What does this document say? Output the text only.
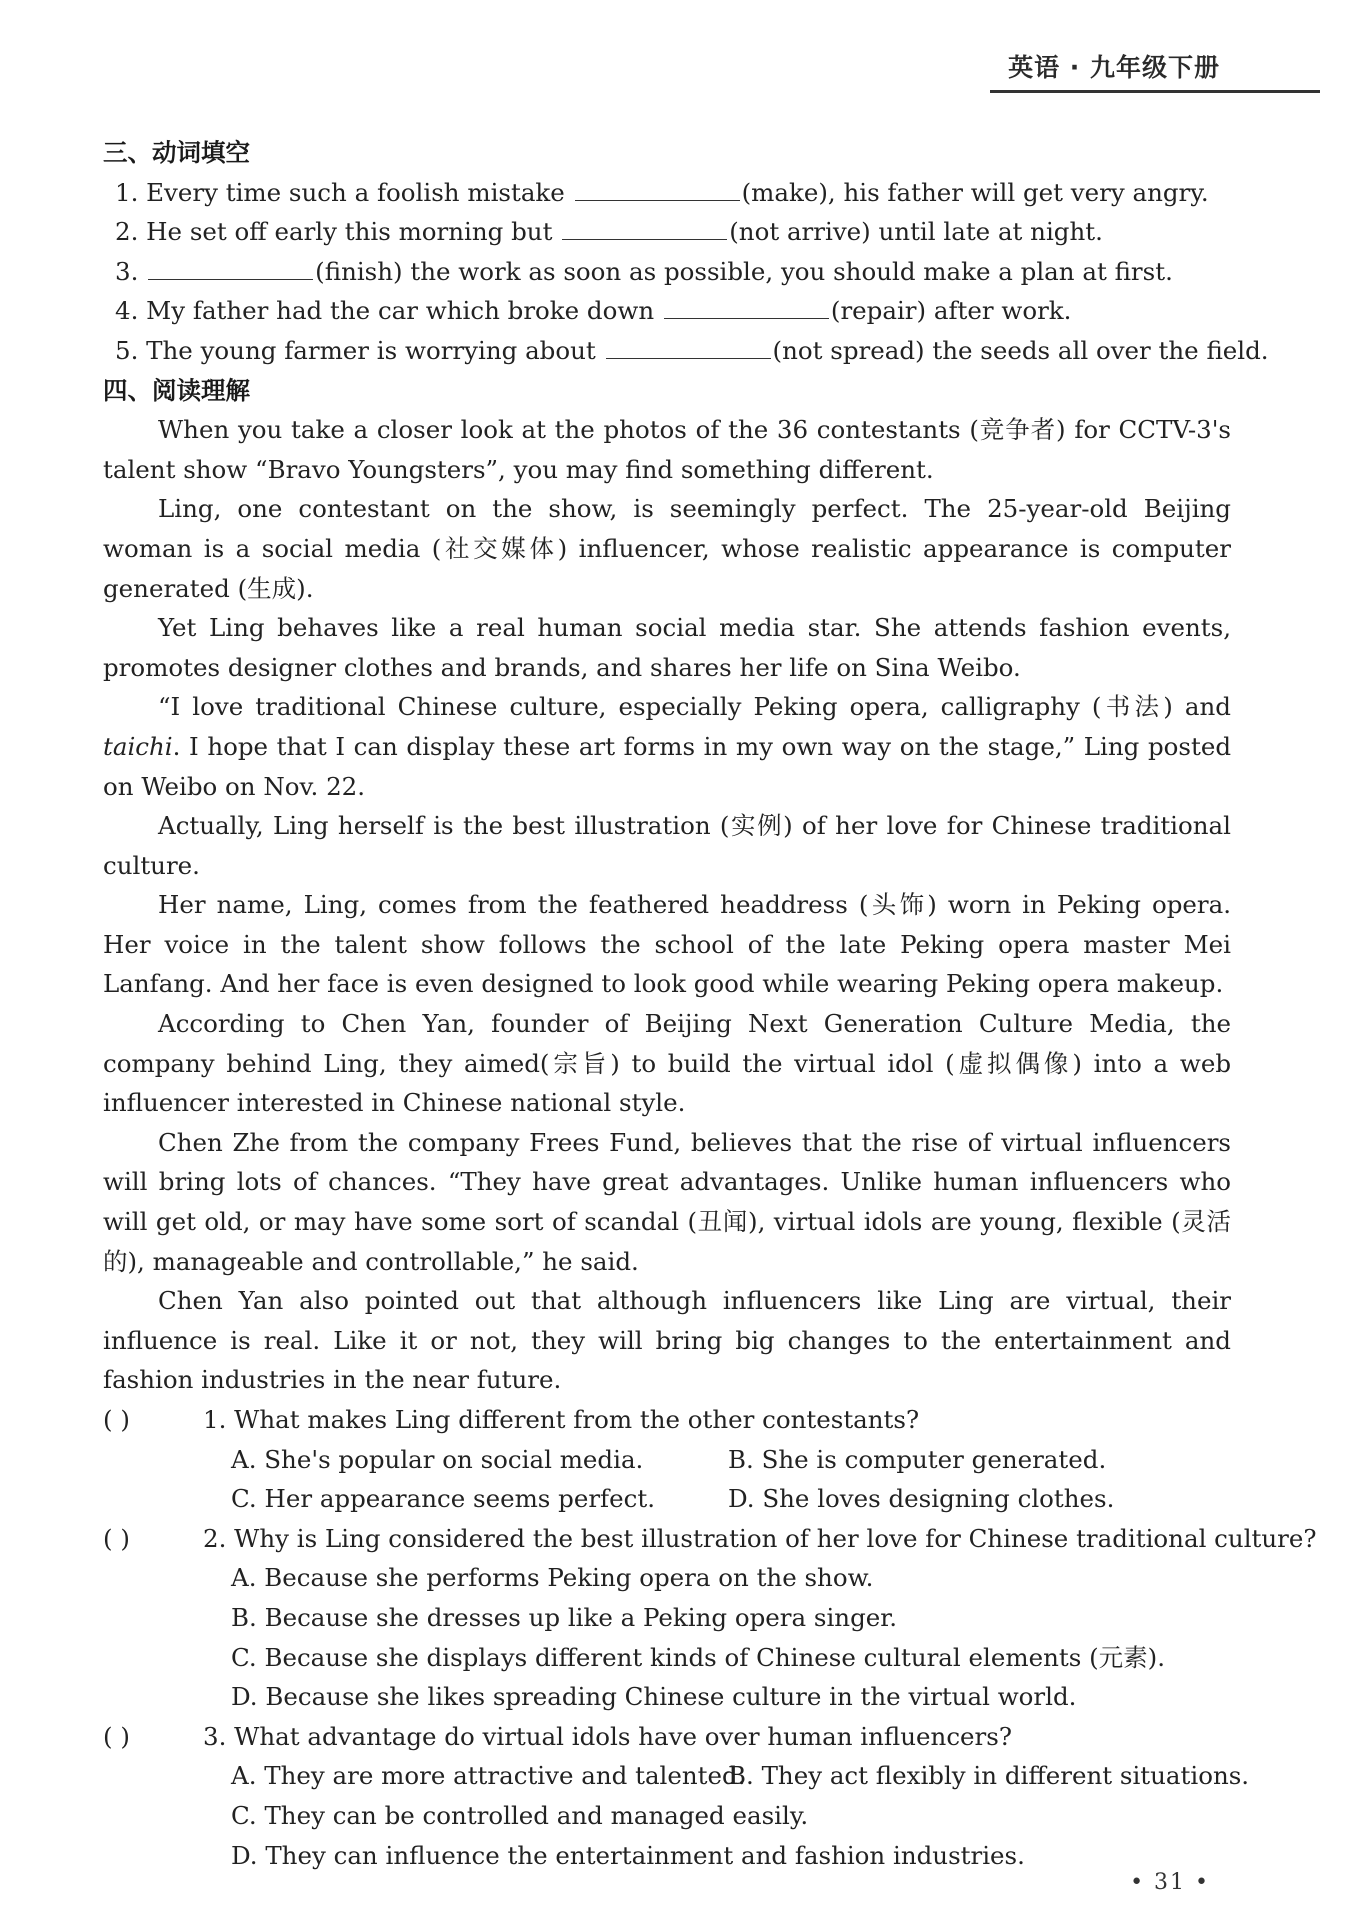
英语 · 九年级下册
三、动词填空
1. Every time such a foolish mistake	(make), his father will get very angry.
2. He set off early this morning but	(not arrive) until late at night.
3.	(finish) the work as soon as possible, you should make a plan at first.
4. My father had the car which broke down	(repair) after work.
5. The young farmer is worrying about	(not spread) the seeds all over the field.
四、阅读理解

When you take a closer look at the photos of the 36 contestants (竞争者) for CCTV-3's talent show “Bravo Youngsters”, you may find something different.

Ling, one contestant on the show, is seemingly perfect. The 25-year-old Beijing woman is a social media (社交媒体) influencer, whose realistic appearance is computer generated (生成).

Yet Ling behaves like a real human social media star. She attends fashion events, promotes designer clothes and brands, and shares her life on Sina Weibo.

“I love traditional Chinese culture, especially Peking opera, calligraphy (书法) and taichi. I hope that I can display these art forms in my own way on the stage,” Ling posted on Weibo on Nov. 22.

Actually, Ling herself is the best illustration (实例) of her love for Chinese traditional culture.

Her name, Ling, comes from the feathered headdress (头饰) worn in Peking opera. Her voice in the talent show follows the school of the late Peking opera master Mei Lanfang. And her face is even designed to look good while wearing Peking opera makeup.

According to Chen Yan, founder of Beijing Next Generation Culture Media, the company behind Ling, they aimed(宗旨) to build the virtual idol (虚拟偶像) into a web influencer interested in Chinese national style.

Chen Zhe from the company Frees Fund, believes that the rise of virtual influencers will bring lots of chances. “They have great advantages. Unlike human influencers who will get old, or may have some sort of scandal (丑闻), virtual idols are young, flexible (灵活的), manageable and controllable,” he said.

Chen Yan also pointed out that although influencers like Ling are virtual, their influence is real. Like it or not, they will bring big changes to the entertainment and fashion industries in the near future.

( )	1. What makes Ling different from the other contestants?
A. She's popular on social media.	B. She is computer generated.
C. Her appearance seems perfect.	D. She loves designing clothes.
( )	2. Why is Ling considered the best illustration of her love for Chinese traditional culture?
A. Because she performs Peking opera on the show.
B. Because she dresses up like a Peking opera singer.
C. Because she displays different kinds of Chinese cultural elements (元素).
D. Because she likes spreading Chinese culture in the virtual world.
( )	3. What advantage do virtual idols have over human influencers?
A. They are more attractive and talented.B. They act flexibly in different situations.
C. They can be controlled and managed easily.
D. They can influence the entertainment and fashion industries.
• 31 •
